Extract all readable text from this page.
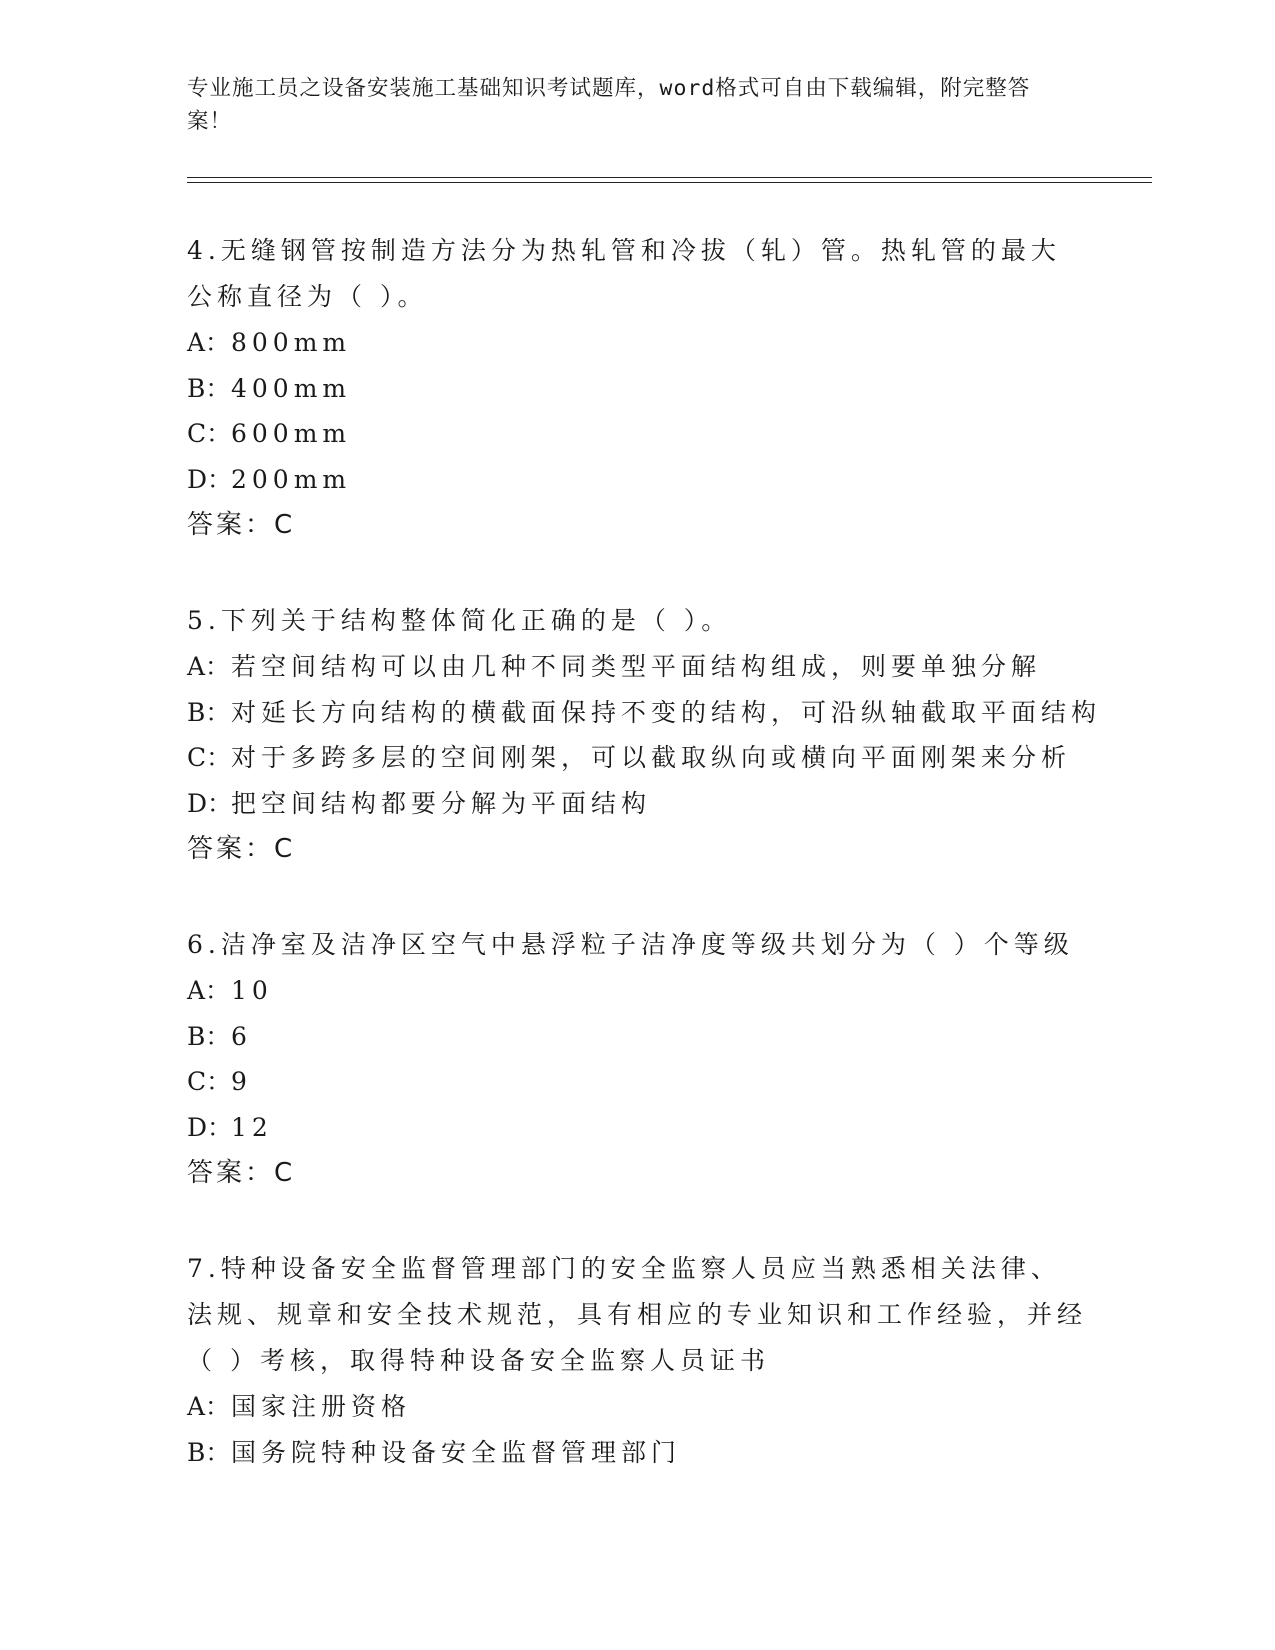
专业施工员之设备安装施工基础知识考试题库，word格式可自由下载编辑，附完整答案！
4.无缝钢管按制造方法分为热轧管和冷拔（轧）管。热轧管的最大公称直径为（ ）。
A：800mm
B：400mm
C：600mm
D：200mm
答案：C
5.下列关于结构整体简化正确的是（ ）。
A：若空间结构可以由几种不同类型平面结构组成，则要单独分解
B：对延长方向结构的横截面保持不变的结构，可沿纵轴截取平面结构
C：对于多跨多层的空间刚架，可以截取纵向或横向平面刚架来分析
D：把空间结构都要分解为平面结构
答案：C
6.洁净室及洁净区空气中悬浮粒子洁净度等级共划分为（ ）个等级
A：10
B：6
C：9
D：12
答案：C
7.特种设备安全监督管理部门的安全监察人员应当熟悉相关法律、法规、规章和安全技术规范，具有相应的专业知识和工作经验，并经（ ）考核，取得特种设备安全监察人员证书
A：国家注册资格
B：国务院特种设备安全监督管理部门
